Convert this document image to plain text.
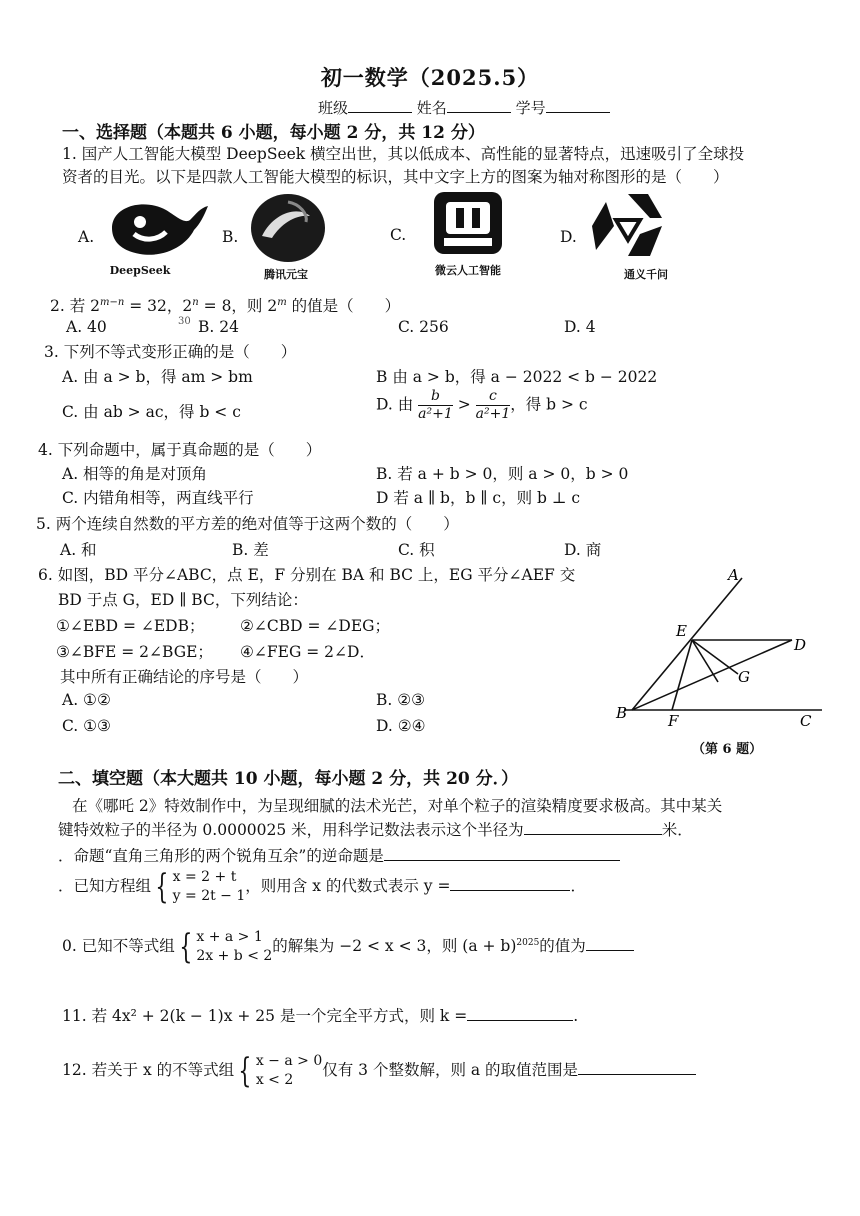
初一数学（2025.5）
班级	姓名	学号
一、选择题（本题共 6 小题，每小题 2 分，共 12 分）
1. 国产人工智能大模型 DeepSeek 横空出世，其以低成本、高性能的显著特点，迅速吸引了全球投
资者的目光。以下是四款人工智能大模型的标识，其中文字上方的图案为轴对称图形的是（　　）
A.
DeepSeek
B.
腾讯元宝
C.
微云人工智能
D.
通义千问
2. 若 $2^{m-n} = 32$，$2^n = 8$，则 2$^m$ 的值是（　　）
A. 40	30 B. 24	C. 256	D. 4
3. 下列不等式变形正确的是（　　）
A. 由 a > b，得 am > bm	B 由 a > b，得 a − 2022 < b − 2022
C. 由 ab > ac，得 b < c	D. 由 $\frac{b}{\text{a²+1}} > \frac{c}{\text{a²+1}}$ ，得 b > c
4. 下列命题中，属于真命题的是（　　）
A. 相等的角是对顶角	B. 若 a + b > 0，则 a > 0，b > 0
C. 内错角相等，两直线平行	D 若 a ∥ b，b ∥ c，则 b ⊥ c
5. 两个连续自然数的平方差的绝对值等于这两个数的（　　）
A. 和	B. 差	C. 积	D. 商
6. 如图，BD 平分∠ABC，点 E，F 分别在 BA 和 BC 上，EG 平分∠AEF 交
BD 于点 G，ED ∥ BC，下列结论：
①∠EBD = ∠EDB； ②∠CBD = ∠DEG；
③∠BFE = 2∠BGE； ④∠FEG = 2∠D．
其中所有正确结论的序号是（　　）
A. ①②	B. ②③
C. ①③	D. ②④
A
E
D
G
B	F	C
（第 6 题）
二、填空题（本大题共 10 小题，每小题 2 分，共 20 分．）
在《哪吒 2》特效制作中，为呈现细腻的法术光芒，对单个粒子的渲染精度要求极高。其中某关
键特效粒子的半径为 0.0000025 米，用科学记数法表示这个半径为	米．
．命题“直角三角形的两个锐角互余”的逆命题是
．已知方程组 { x = 2 + t
y = 2t − 1
，则用含 x 的代数式表示 y =	．
0. 已知不等式组 { x + a > 1
2x + b < 2
的解集为 −2 < x < 3，则 $(a + b)^{2025}$的值为
11. 若 4x² + 2(k − 1)x + 25 是一个完全平方式，则 k =	.
12. 若关于 x 的不等式组 { x − a > 0
x < 2
仅有 3 个整数解，则 a 的取值范围是
